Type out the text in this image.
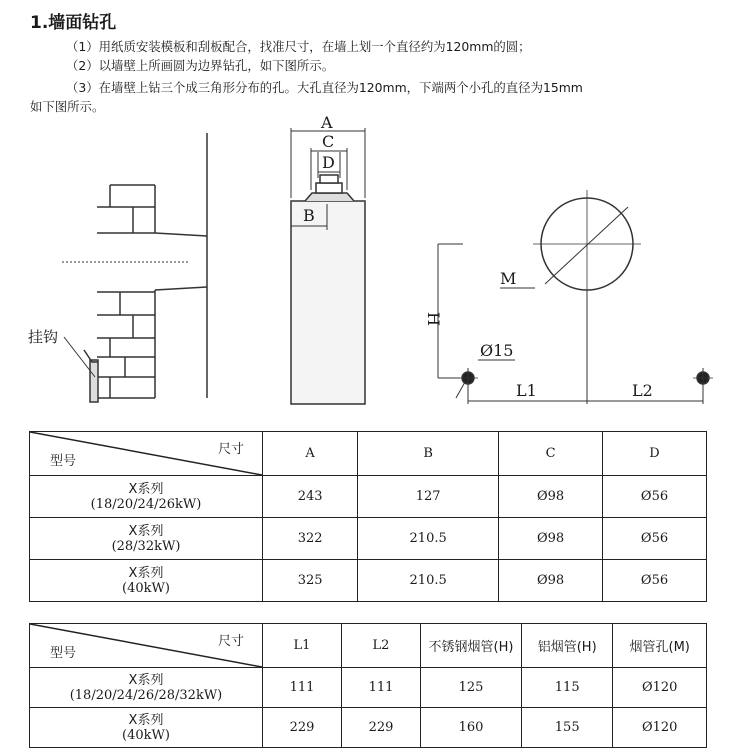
1.墙面钻孔
（1）用纸质安装模板和刮板配合，找准尺寸，在墙上划一个直径约为120mm的圆；
（2）以墙壁上所画圆为边界钻孔，如下图所示。
（3）在墙壁上钻三个成三角形分布的孔。大孔直径为120mm，下端两个小孔的直径为15mm
如下图所示。
A
C
D
B
M
H
L1	L2
Ø15
挂钩
尺寸
型号	A	B	C	D
X系列
(18/20/24/26kW)	243	127	Ø98	Ø56
X系列
(28/32kW)	322	210.5	Ø98	Ø56
X系列
(40kW)	325	210.5	Ø98	Ø56
尺寸
型号	L1	L2	不锈钢烟管(H)	铝烟管(H)	烟管孔(M)
X系列
(18/20/24/26/28/32kW)	111	111	125	115	Ø120
X系列
(40kW)	229	229	160	155	Ø120
